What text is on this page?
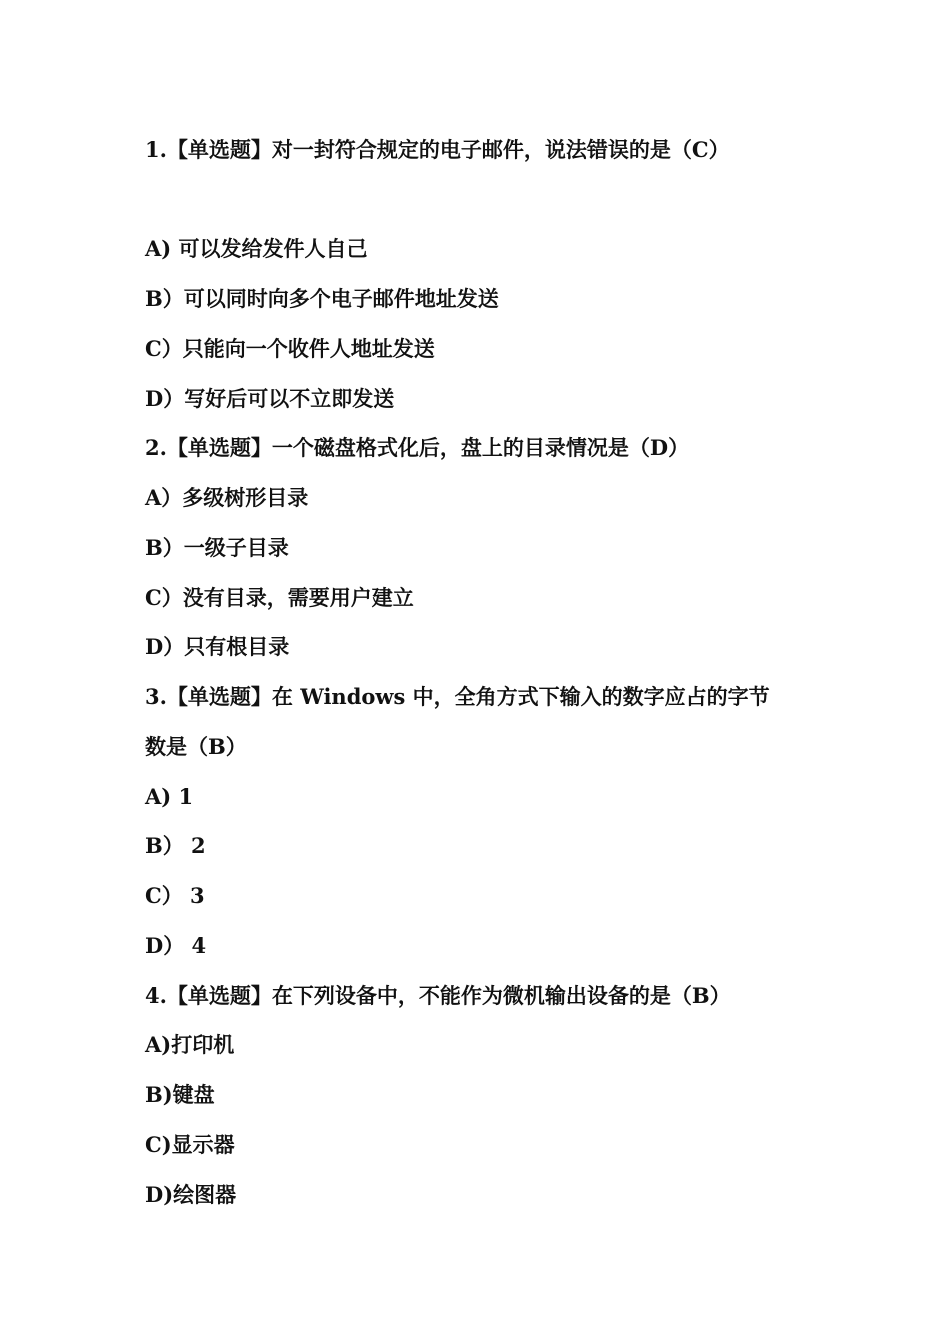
1.【单选题】对一封符合规定的电子邮件，说法错误的是（C）
A) 可以发给发件人自己
B）可以同时向多个电子邮件地址发送
C）只能向一个收件人地址发送
D）写好后可以不立即发送
2.【单选题】一个磁盘格式化后，盘上的目录情况是（D）
A）多级树形目录
B）一级子目录
C）没有目录，需要用户建立
D）只有根目录
3.【单选题】在 Windows 中，全角方式下输入的数字应占的字节
数是（B）
A) 1
B） 2
C） 3
D） 4
4.【单选题】在下列设备中，不能作为微机输出设备的是（B）
A)打印机
B)键盘
C)显示器
D)绘图器
